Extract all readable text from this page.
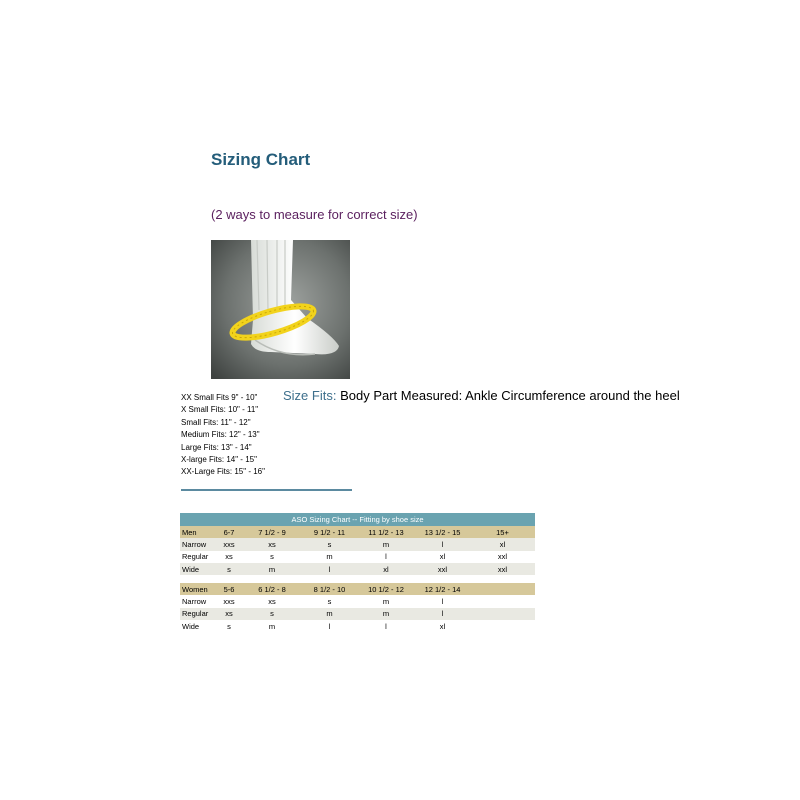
Sizing Chart
(2 ways to measure for correct size)
XX Small Fits 9" - 10"
X Small Fits: 10" - 11"
Small Fits: 11" - 12"
Medium Fits: 12" - 13"
Large Fits: 13" - 14"
X-large Fits: 14" - 15"
XX-Large Fits: 15" - 16"
Size Fits: Body Part Measured: Ankle Circumference around the heel
ASO Sizing Chart -- Fitting by shoe size						
Men	6-7	7 1/2 - 9	9 1/2 - 11	11 1/2 - 13	13 1/2 - 15	15+
Narrow	xxs	xs	s	m	l	xl
Regular	xs	s	m	l	xl	xxl
Wide	s	m	l	xl	xxl	xxl

Women	5-6	6 1/2 - 8	8 1/2 - 10	10 1/2 - 12	12 1/2 - 14	
Narrow	xxs	xs	s	m	l	
Regular	xs	s	m	m	l	
Wide	s	m	l	l	xl	
